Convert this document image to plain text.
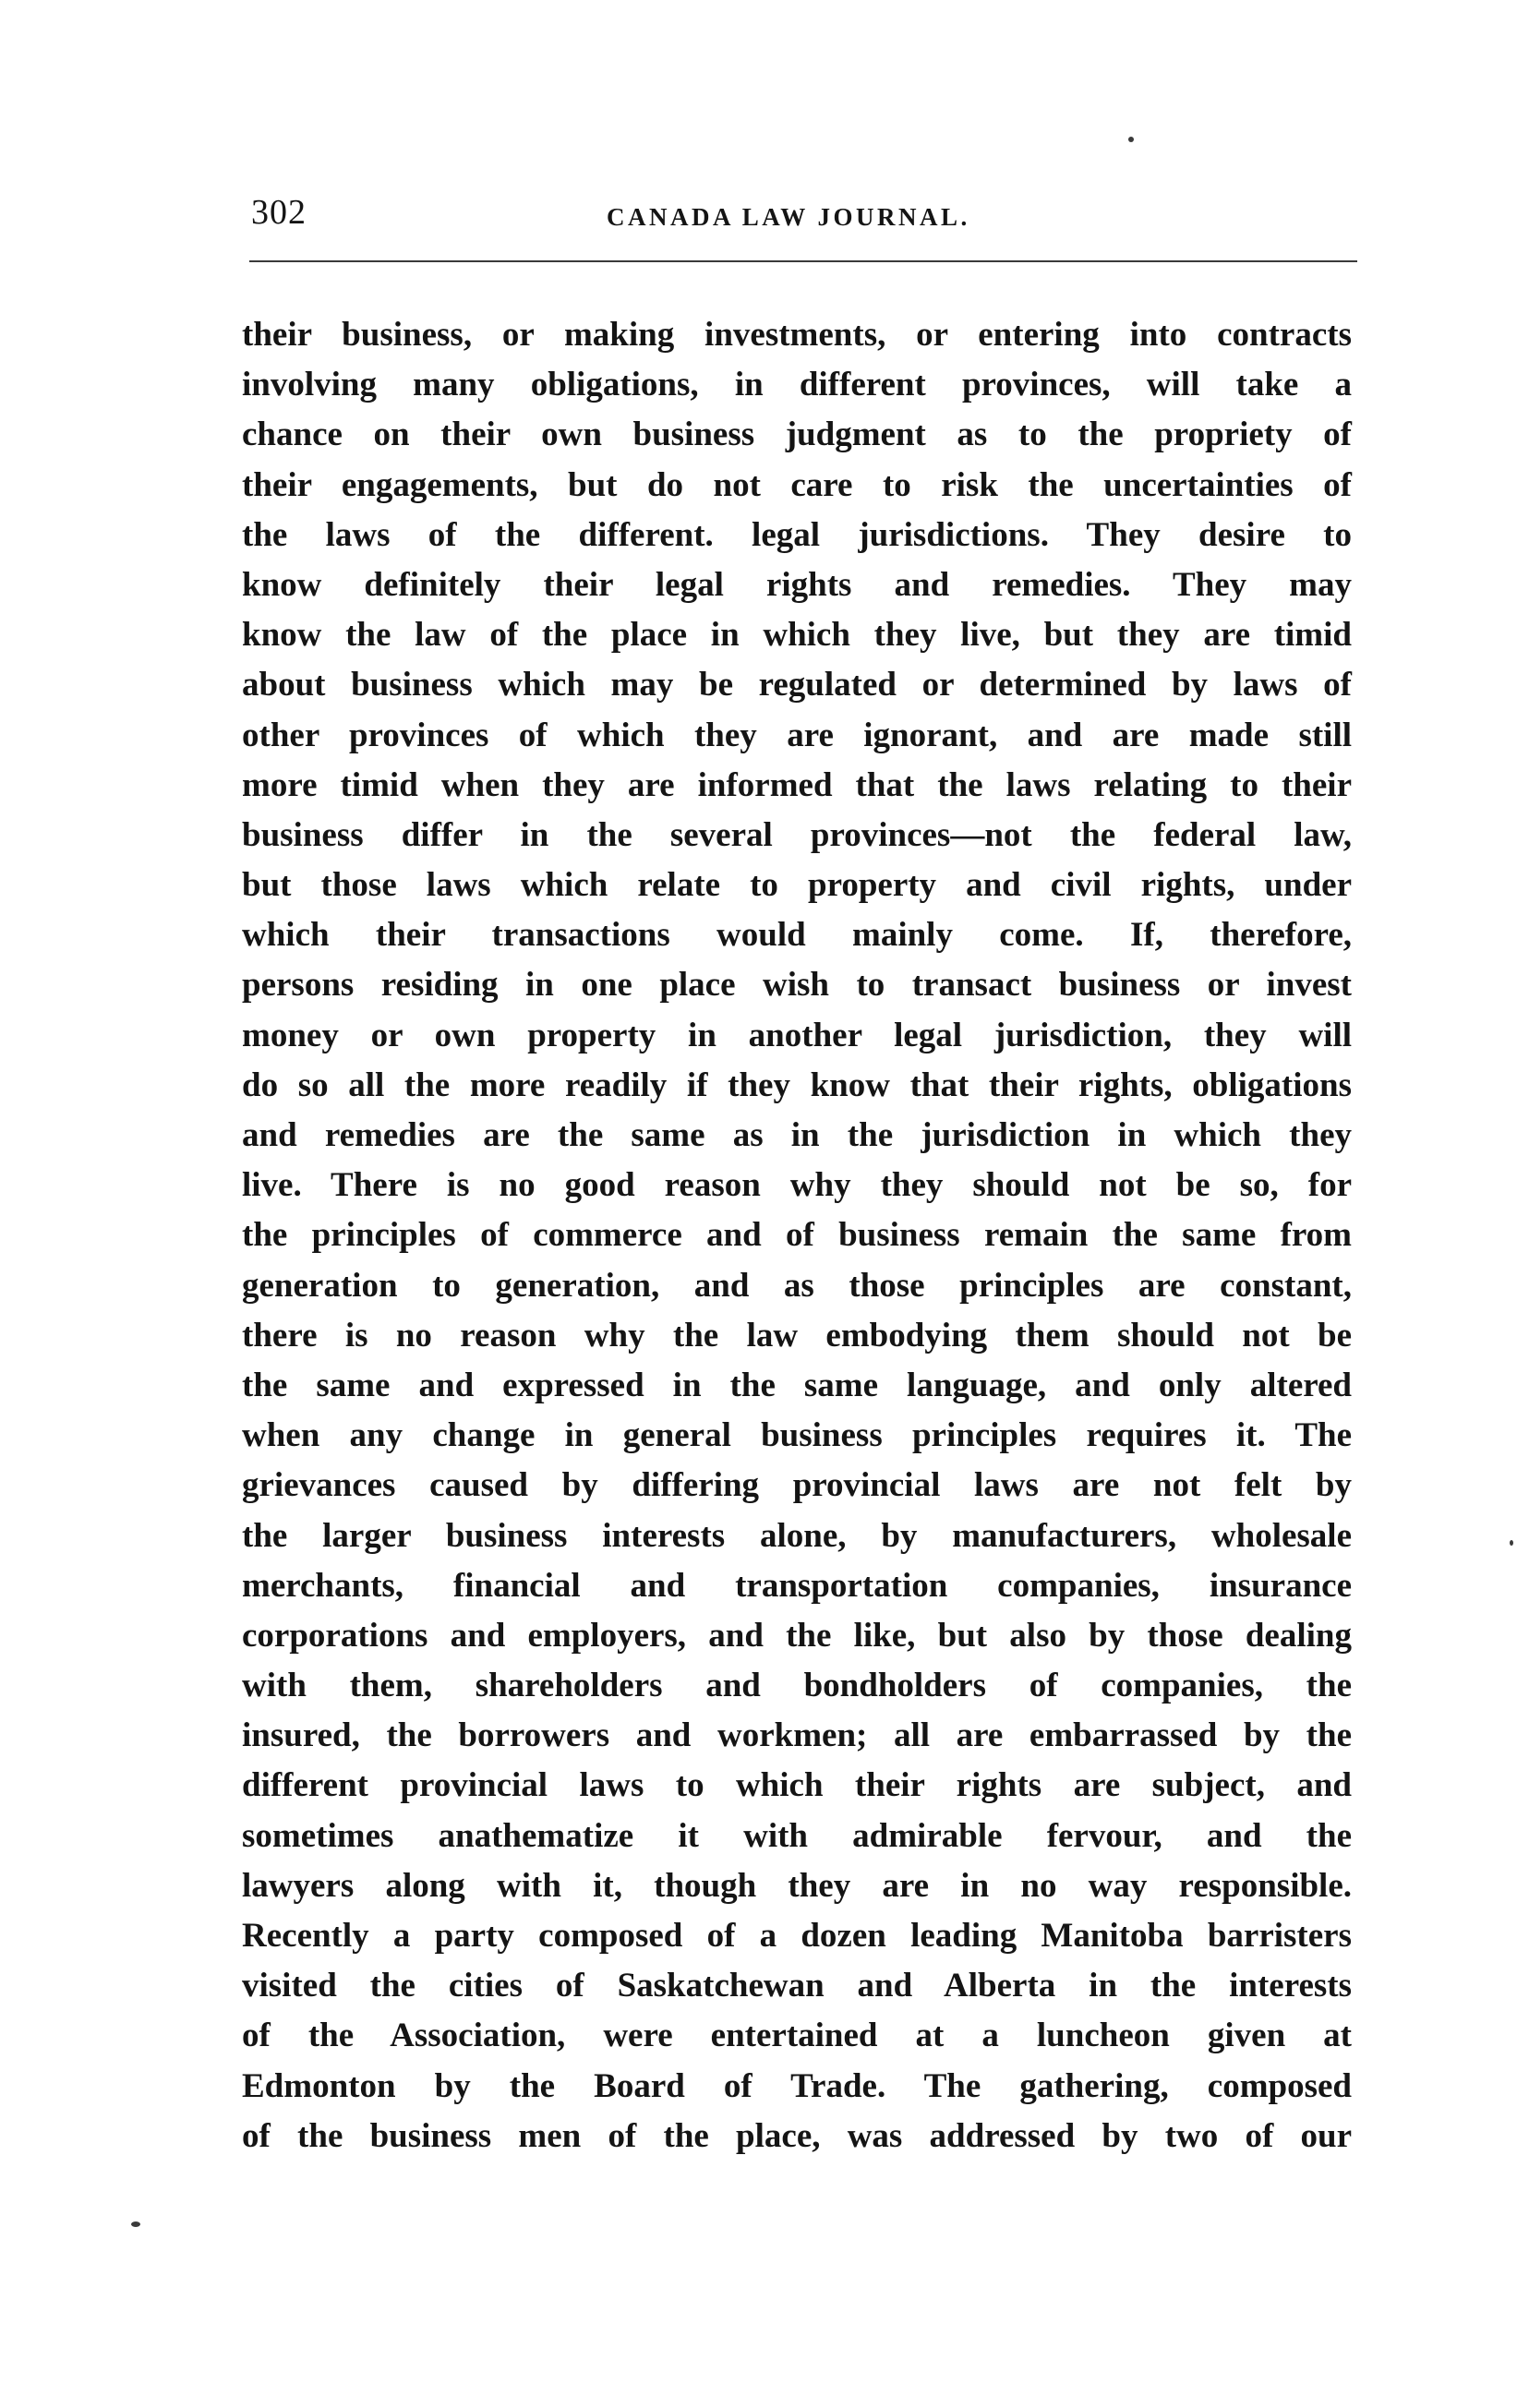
302	CANADA LAW JOURNAL.
their business, or making investments, or entering into contracts
involving many obligations, in different provinces, will take a
chance on their own business judgment as to the propriety of
their engagements, but do not care to risk the uncertainties of
the laws of the different. legal jurisdictions. They desire to
know definitely their legal rights and remedies. They may
know the law of the place in which they live, but they are timid
about business which may be regulated or determined by laws of
other provinces of which they are ignorant, and are made still
more timid when they are informed that the laws relating to their
business differ in the several provinces—not the federal law,
but those laws which relate to property and civil rights, under
which their transactions would mainly come. If, therefore,
persons residing in one place wish to transact business or invest
money or own property in another legal jurisdiction, they will
do so all the more readily if they know that their rights, obligations
and remedies are the same as in the jurisdiction in which they
live. There is no good reason why they should not be so, for
the principles of commerce and of business remain the same from
generation to generation, and as those principles are constant,
there is no reason why the law embodying them should not be
the same and expressed in the same language, and only altered
when any change in general business principles requires it. The
grievances caused by differing provincial laws are not felt by
the larger business interests alone, by manufacturers, wholesale
merchants, financial and transportation companies, insurance
corporations and employers, and the like, but also by those dealing
with them, shareholders and bondholders of companies, the
insured, the borrowers and workmen; all are embarrassed by the
different provincial laws to which their rights are subject, and
sometimes anathematize it with admirable fervour, and the
lawyers along with it, though they are in no way responsible.
Recently a party composed of a dozen leading Manitoba barristers
visited the cities of Saskatchewan and Alberta in the interests
of the Association, were entertained at a luncheon given at
Edmonton by the Board of Trade. The gathering, composed
of the business men of the place, was addressed by two of our
